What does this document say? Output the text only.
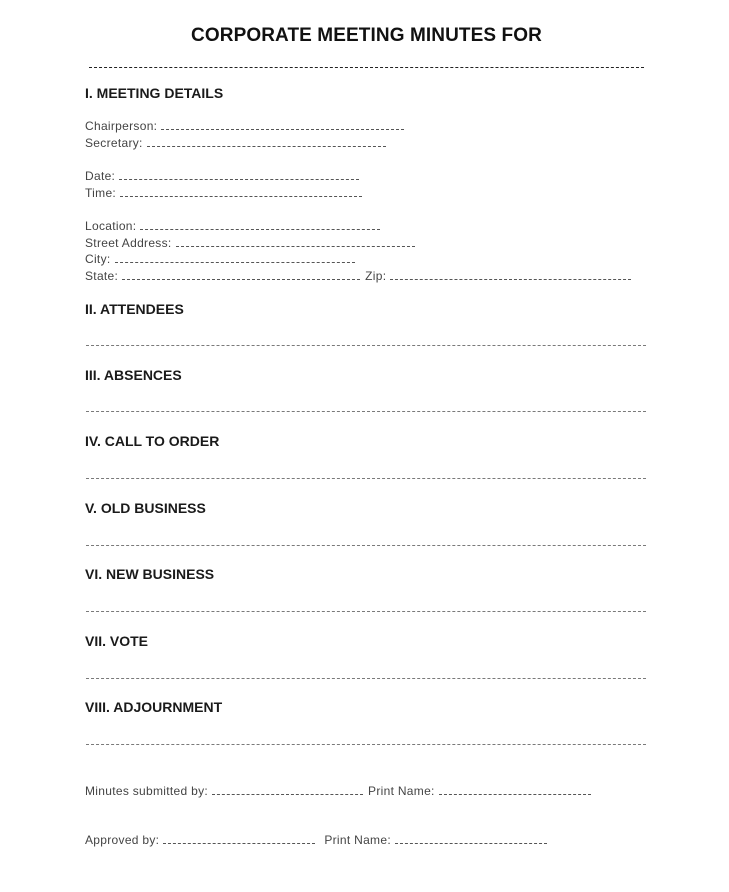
CORPORATE MEETING MINUTES FOR
I. MEETING DETAILS
Chairperson:
Secretary:
Date:
Time:
Location:
Street Address:
City:
State:	Zip:
II. ATTENDEES
III. ABSENCES
IV. CALL TO ORDER
V. OLD BUSINESS
VI. NEW BUSINESS
VII. VOTE
VIII. ADJOURNMENT
Minutes submitted by:	Print Name:
Approved by:	Print Name:
